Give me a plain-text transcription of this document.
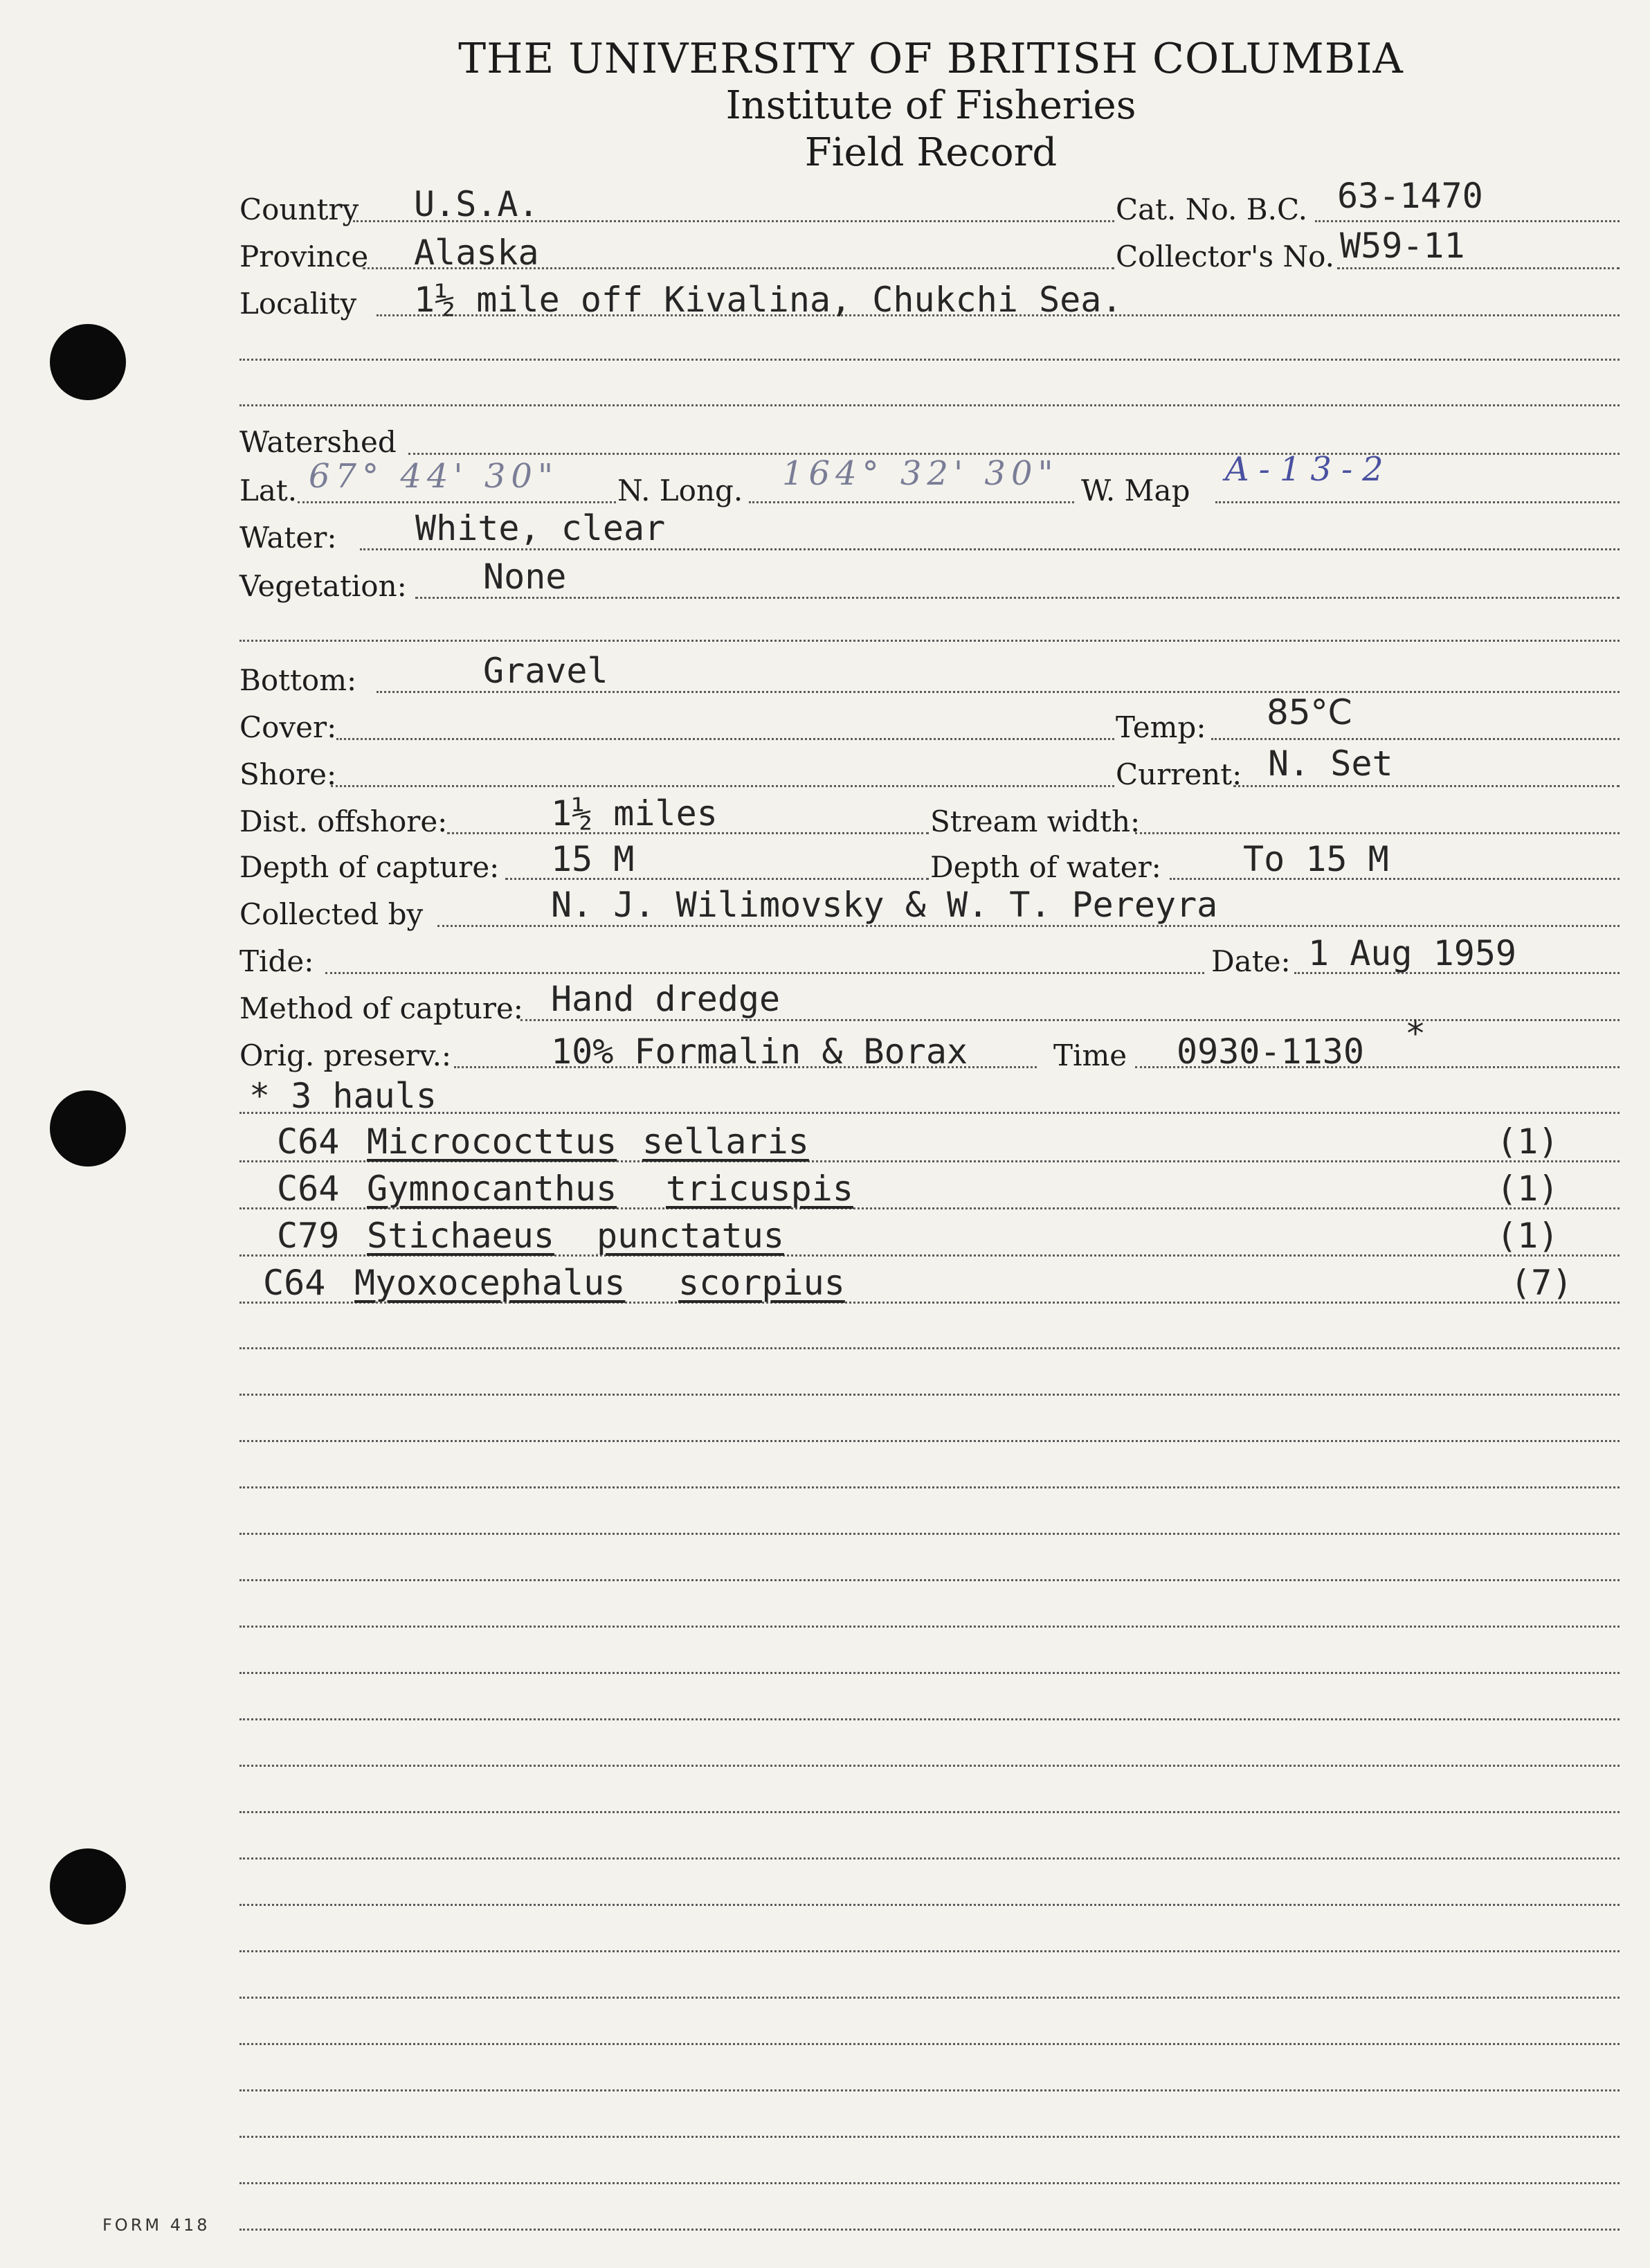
THE UNIVERSITY OF BRITISH COLUMBIA
Institute of Fisheries
Field Record
Country U.S.A.	Cat. No. B.C. 63-1470
Province Alaska	Collector's No. W59-11
Locality 1½ mile off Kivalina, Chukchi Sea.
Watershed
Lat. 67° 44' 30" N. Long. 164° 32' 30" W. Map
A-13-2
Water: White, clear
Vegetation: None
Bottom:	Gravel
Cover:	Temp: 85°C
Shore:	Current: N. Set
Dist. offshore:	1½ miles	Stream width:
Depth of capture: 15 M	Depth of water: To 15 M
Collected by	N. J. Wilimovsky & W. T. Pereyra
Tide:	Date: 1 Aug 1959
Method of capture: Hand dredge
Orig. preserv.:	10% Formalin & Borax	Time 0930-1130 *
* 3 hauls
C64 Micrococttus sellaris	(1)
C64 Gymnocanthus tricuspis	(1)
C79 Stichaeus punctatus	(1)
C64 Myoxocephalus scorpius	(7)
FORM 418
